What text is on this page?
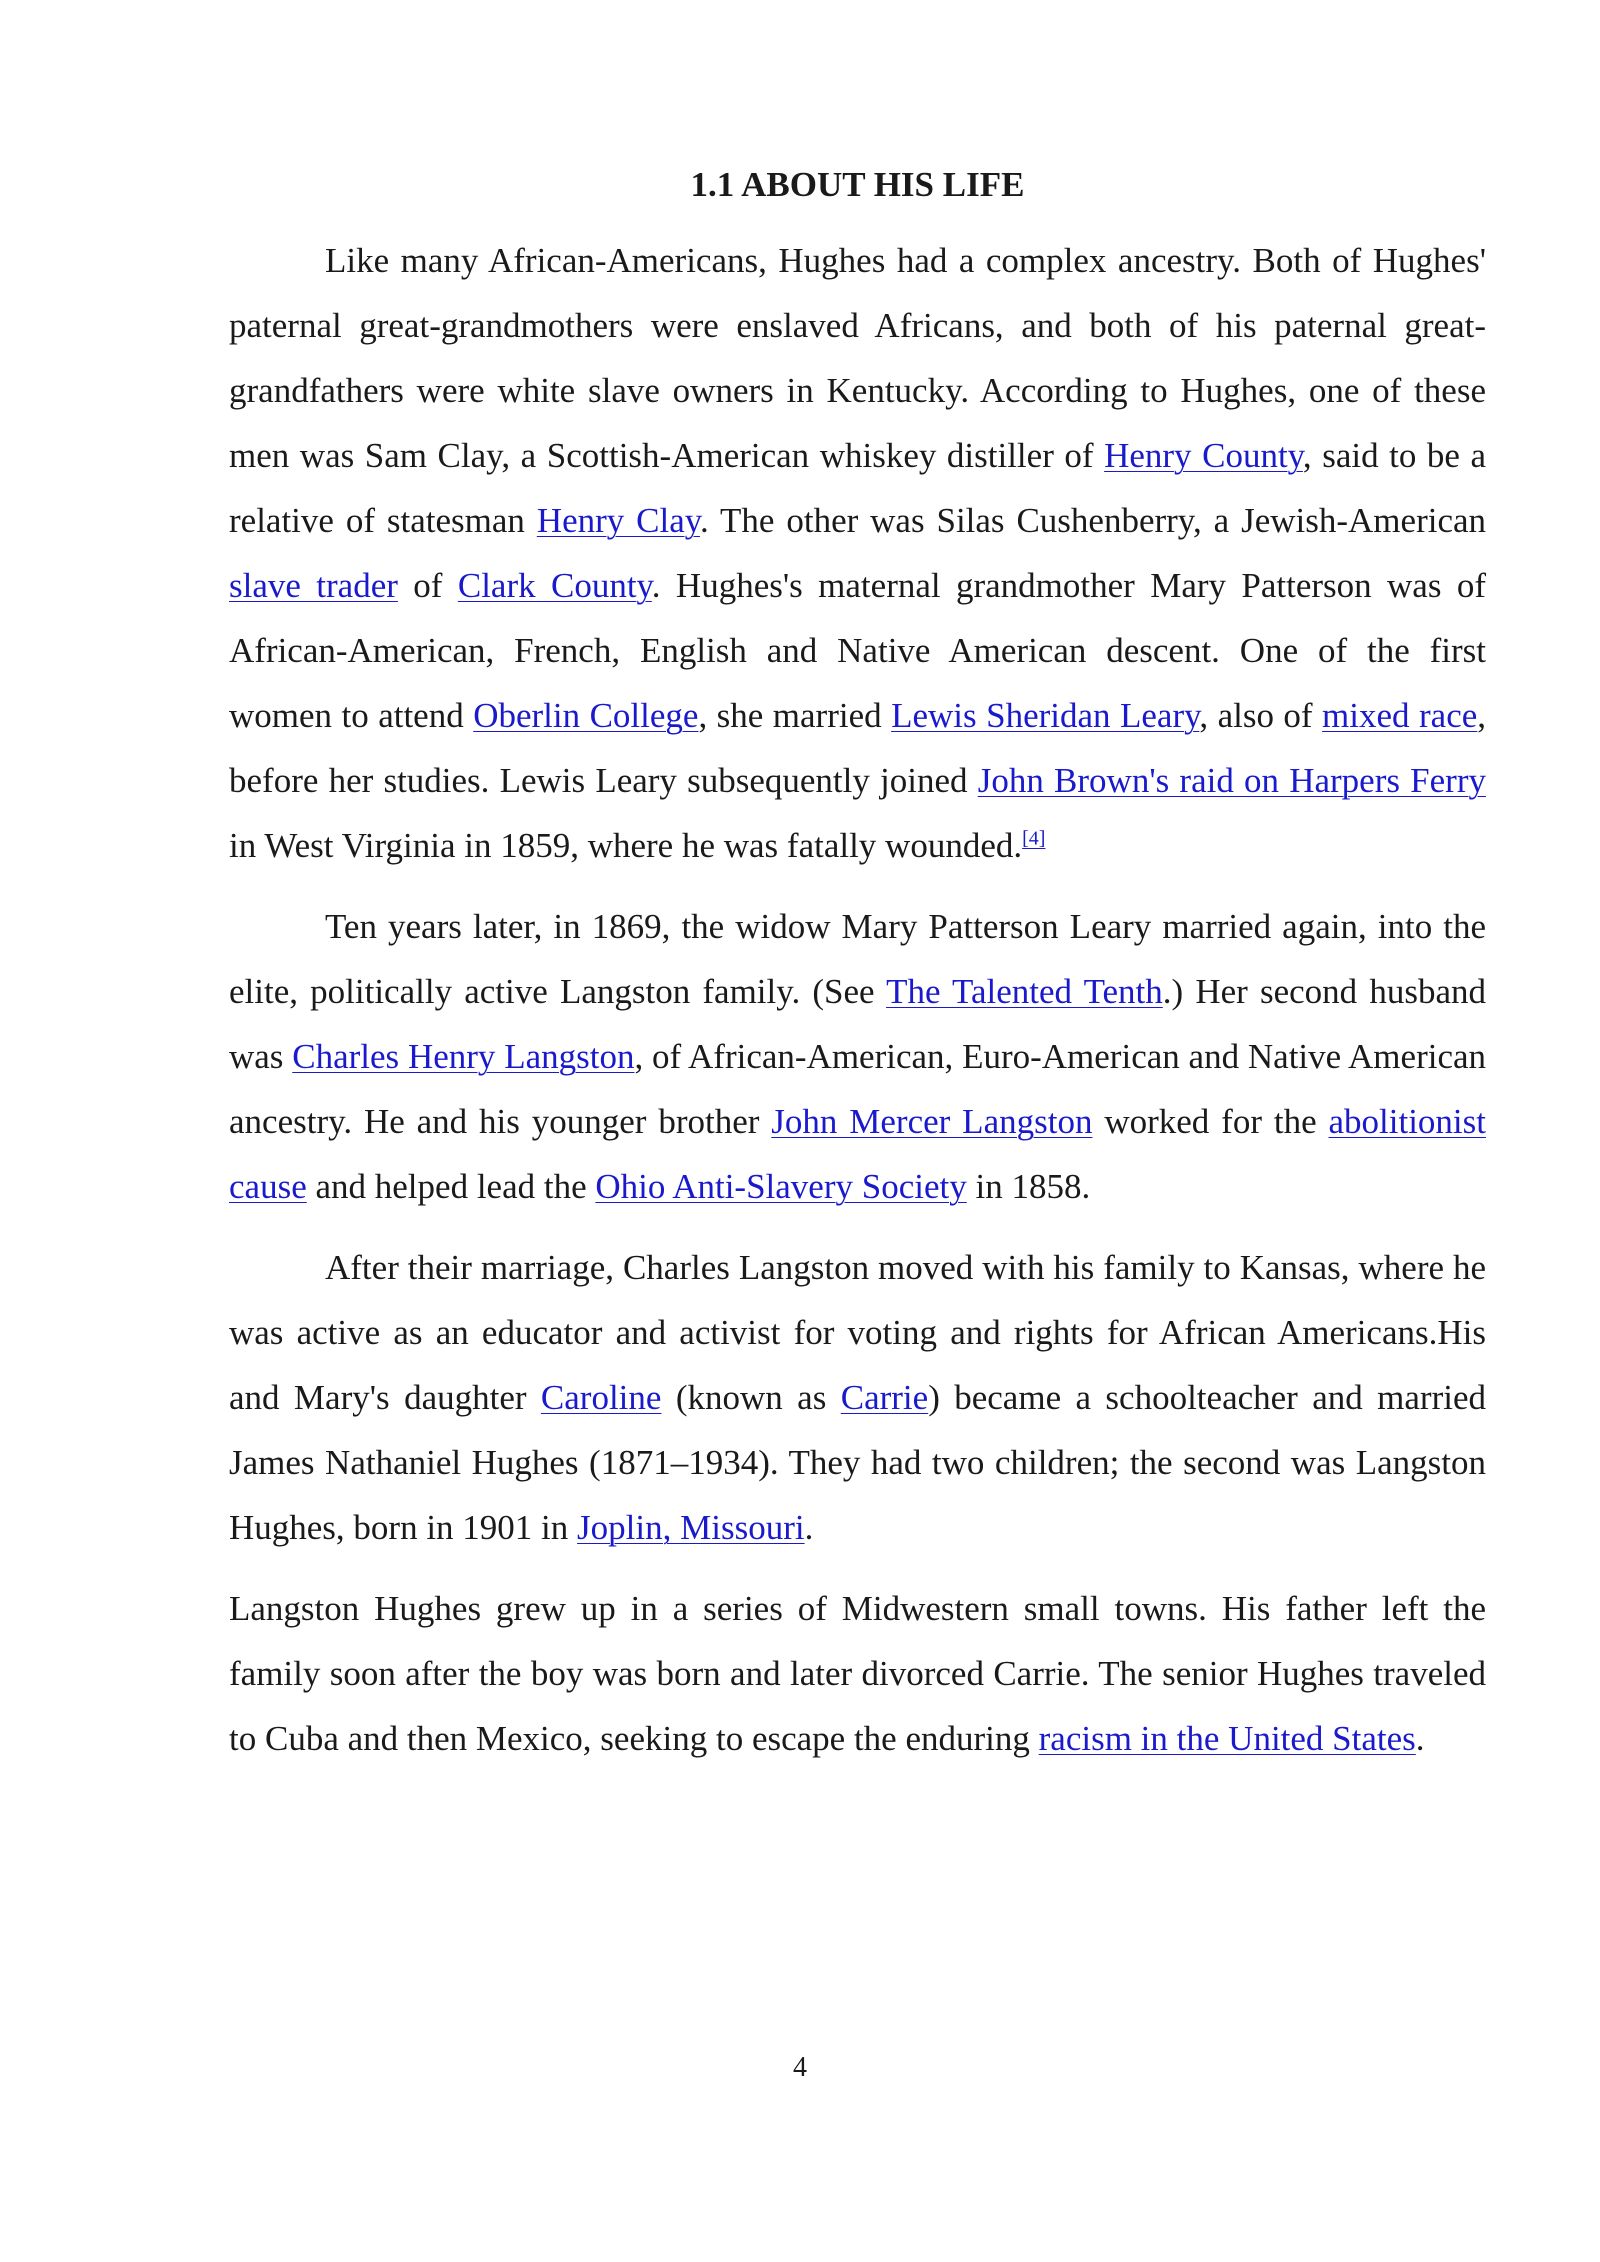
1.1 ABOUT HIS LIFE

Like many African-Americans, Hughes had a complex ancestry. Both of Hughes' paternal great-grandmothers were enslaved Africans, and both of his paternal great-grandfathers were white slave owners in Kentucky. According to Hughes, one of these men was Sam Clay, a Scottish-American whiskey distiller of Henry County, said to be a relative of statesman Henry Clay. The other was Silas Cushenberry, a Jewish-American slave trader of Clark County. Hughes's maternal grandmother Mary Patterson was of African-American, French, English and Native American descent. One of the first women to attend Oberlin College, she married Lewis Sheridan Leary, also of mixed race, before her studies. Lewis Leary subsequently joined John Brown's raid on Harpers Ferry in West Virginia in 1859, where he was fatally wounded.[4]

Ten years later, in 1869, the widow Mary Patterson Leary married again, into the elite, politically active Langston family. (See The Talented Tenth.) Her second husband was Charles Henry Langston, of African-American, Euro-American and Native American ancestry. He and his younger brother John Mercer Langston worked for the abolitionist cause and helped lead the Ohio Anti-Slavery Society in 1858.

After their marriage, Charles Langston moved with his family to Kansas, where he was active as an educator and activist for voting and rights for African Americans.His and Mary's daughter Caroline (known as Carrie) became a schoolteacher and married James Nathaniel Hughes (1871–1934). They had two children; the second was Langston Hughes, born in 1901 in Joplin, Missouri.

Langston Hughes grew up in a series of Midwestern small towns. His father left the family soon after the boy was born and later divorced Carrie. The senior Hughes traveled to Cuba and then Mexico, seeking to escape the enduring racism in the United States.

4
